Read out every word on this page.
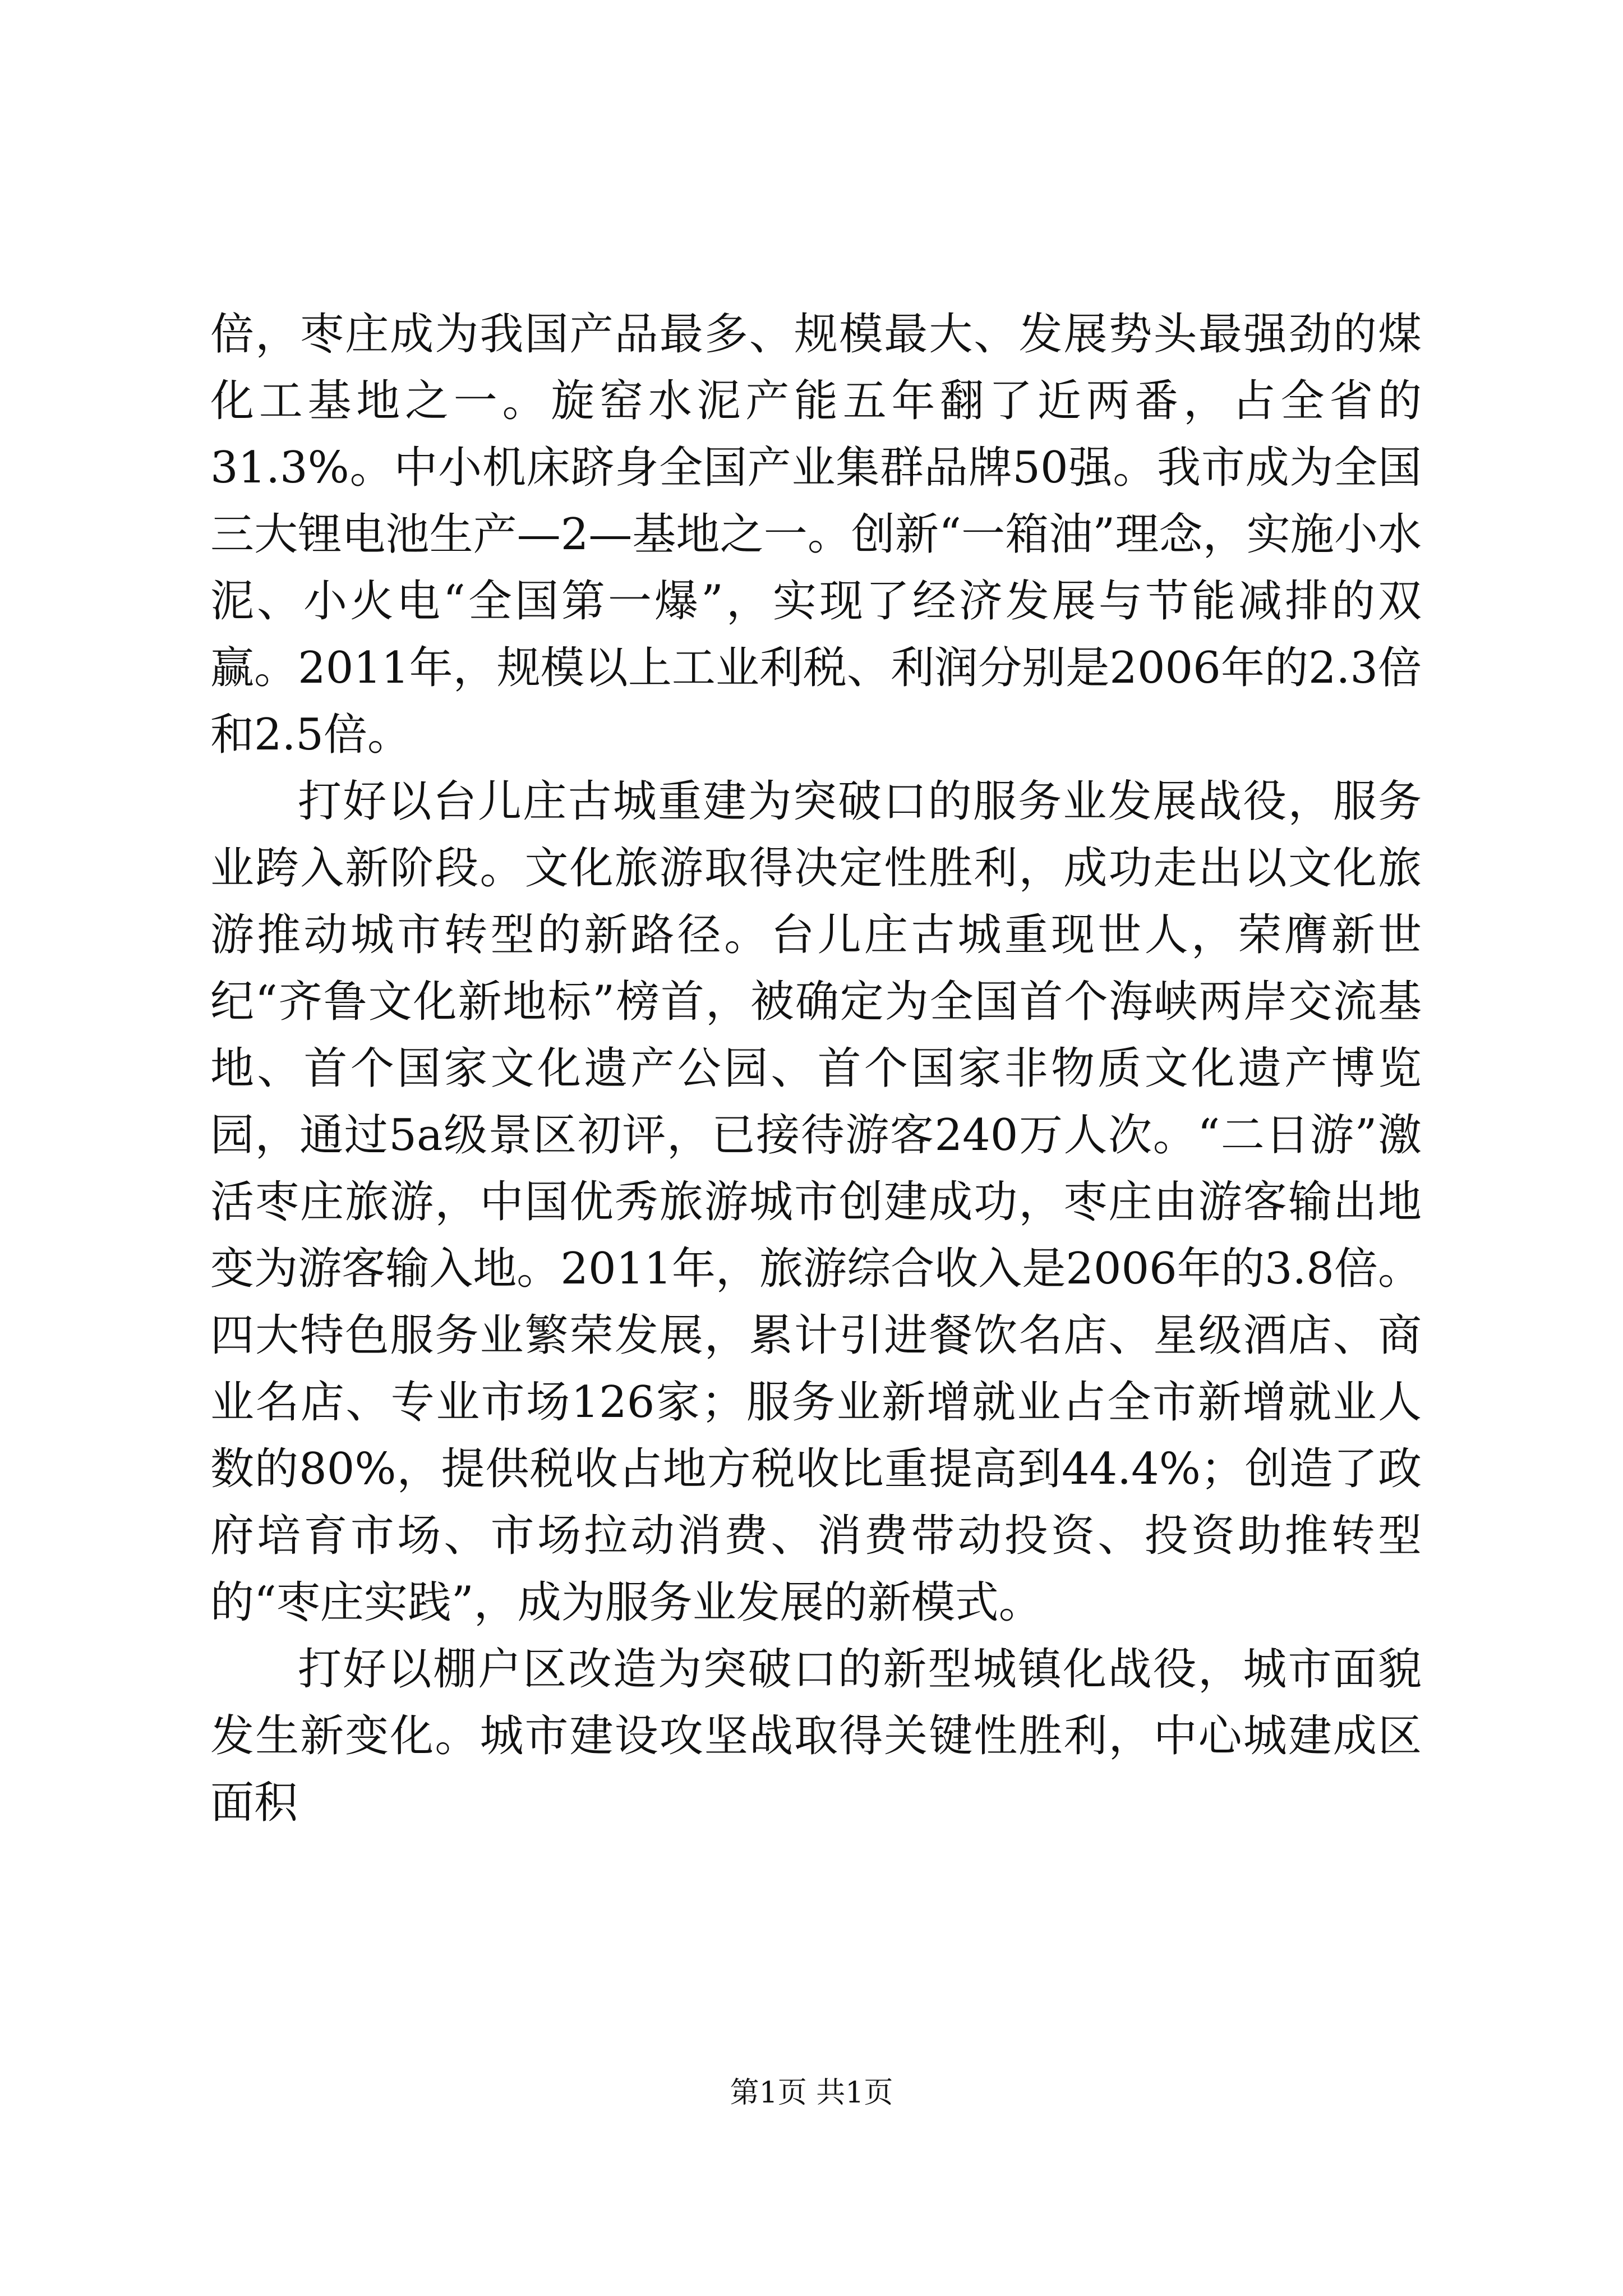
倍，枣庄成为我国产品最多、规模最大、发展势头最强劲的煤化工基地之一。旋窑水泥产能五年翻了近两番，占全省的31.3%。中小机床跻身全国产业集群品牌50强。我市成为全国三大锂电池生产—2—基地之一。创新“一箱油”理念，实施小水泥、小火电“全国第一爆”，实现了经济发展与节能减排的双赢。2011年，规模以上工业利税、利润分别是2006年的2.3倍和2.5倍。

打好以台儿庄古城重建为突破口的服务业发展战役，服务业跨入新阶段。文化旅游取得决定性胜利，成功走出以文化旅游推动城市转型的新路径。台儿庄古城重现世人，荣膺新世纪“齐鲁文化新地标”榜首，被确定为全国首个海峡两岸交流基地、首个国家文化遗产公园、首个国家非物质文化遗产博览园，通过5a级景区初评，已接待游客240万人次。“二日游”激活枣庄旅游，中国优秀旅游城市创建成功，枣庄由游客输出地变为游客输入地。2011年，旅游综合收入是2006年的3.8倍。四大特色服务业繁荣发展，累计引进餐饮名店、星级酒店、商业名店、专业市场126家；服务业新增就业占全市新增就业人数的80%，提供税收占地方税收比重提高到44.4%；创造了政府培育市场、市场拉动消费、消费带动投资、投资助推转型的“枣庄实践”，成为服务业发展的新模式。

打好以棚户区改造为突破口的新型城镇化战役，城市面貌发生新变化。城市建设攻坚战取得关键性胜利，中心城建成区面积

第1页 共1页
